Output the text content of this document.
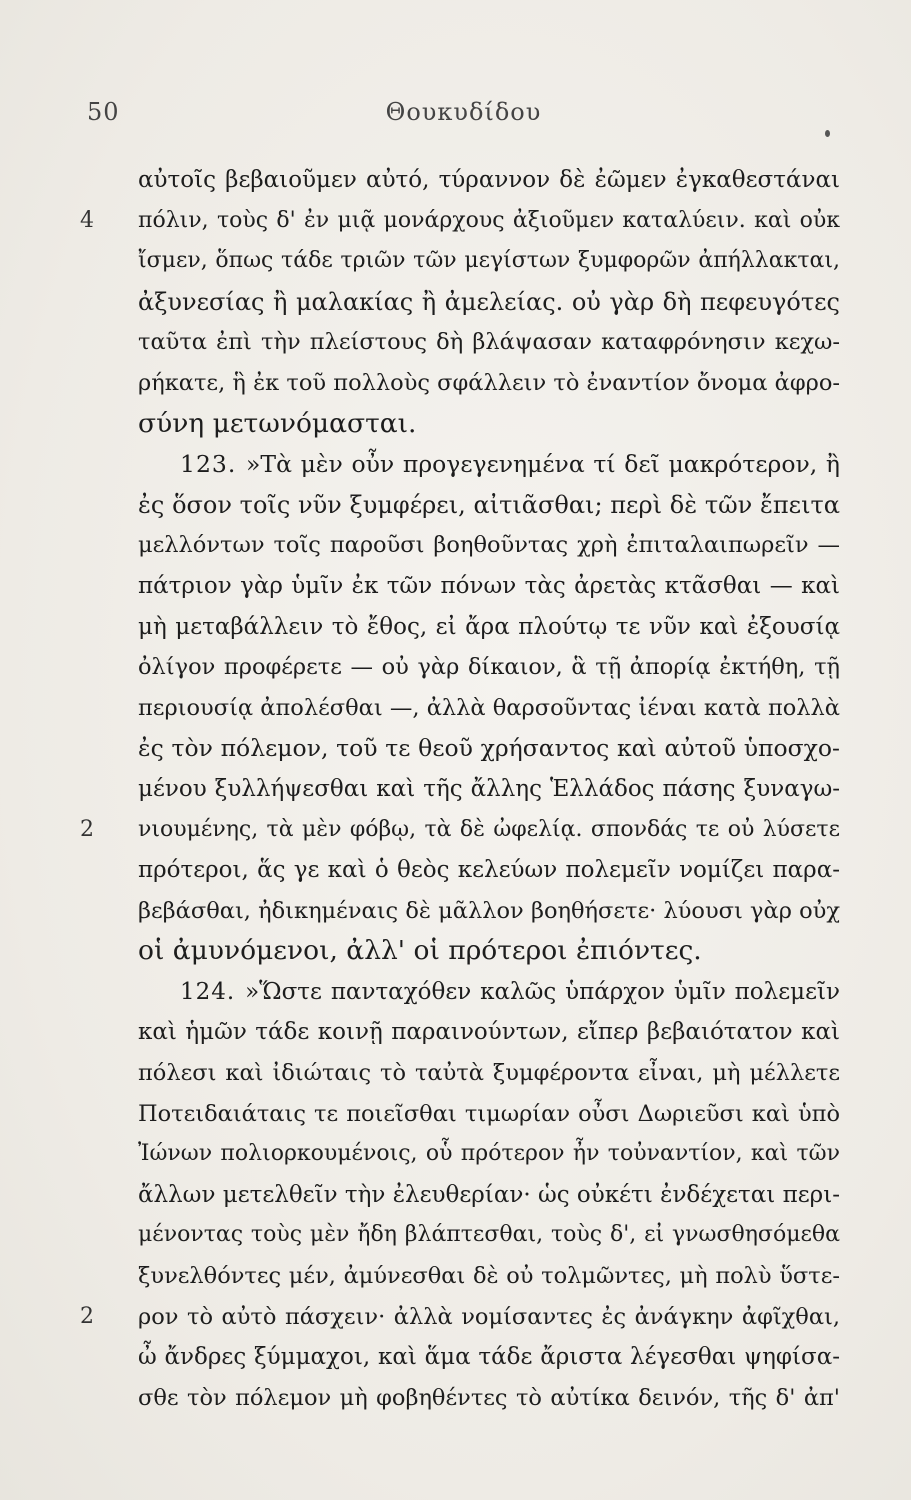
50	Θουκυδίδου
αὐτοῖς βεβαιοῦμεν αὐτό, τύραννον δὲ ἐῶμεν ἐγκαθεστάναι
4 πόλιν, τοὺς δ' ἐν μιᾷ μονάρχους ἀξιοῦμεν καταλύειν. καὶ οὐκ
ἴσμεν, ὅπως τάδε τριῶν τῶν μεγίστων ξυμφορῶν ἀπήλλακται,
ἀξυνεσίας ἢ μαλακίας ἢ ἀμελείας. οὐ γὰρ δὴ πεφευγότες
ταῦτα ἐπὶ τὴν πλείστους δὴ βλάψασαν καταφρόνησιν κεχω-
ρήκατε, ἣ ἐκ τοῦ πολλοὺς σφάλλειν τὸ ἐναντίον ὄνομα ἀφρο-
σύνη μετωνόμασται.
123. »Τὰ μὲν οὖν προγεγενημένα τί δεῖ μακρότερον, ἢ
ἐς ὅσον τοῖς νῦν ξυμφέρει, αἰτιᾶσθαι; περὶ δὲ τῶν ἔπειτα
μελλόντων τοῖς παροῦσι βοηθοῦντας χρὴ ἐπιταλαιπωρεῖν —
πάτριον γὰρ ὑμῖν ἐκ τῶν πόνων τὰς ἀρετὰς κτᾶσθαι — καὶ
μὴ μεταβάλλειν τὸ ἔθος, εἰ ἄρα πλούτῳ τε νῦν καὶ ἐξουσίᾳ
ὀλίγον προφέρετε — οὐ γὰρ δίκαιον, ἃ τῇ ἀπορίᾳ ἐκτήθη, τῇ
περιουσίᾳ ἀπολέσθαι —, ἀλλὰ θαρσοῦντας ἰέναι κατὰ πολλὰ
ἐς τὸν πόλεμον, τοῦ τε θεοῦ χρήσαντος καὶ αὐτοῦ ὑποσχο-
μένου ξυλλήψεσθαι καὶ τῆς ἄλλης Ἑλλάδος πάσης ξυναγω-
2 νιουμένης, τὰ μὲν φόβῳ, τὰ δὲ ὠφελίᾳ. σπονδάς τε οὐ λύσετε
πρότεροι, ἅς γε καὶ ὁ θεὸς κελεύων πολεμεῖν νομίζει παρα-
βεβάσθαι, ἠδικημέναις δὲ μᾶλλον βοηθήσετε· λύουσι γὰρ οὐχ
οἱ ἀμυνόμενοι, ἀλλ' οἱ πρότεροι ἐπιόντες.
124. »Ὥστε πανταχόθεν καλῶς ὑπάρχον ὑμῖν πολεμεῖν
καὶ ἡμῶν τάδε κοινῇ παραινούντων, εἴπερ βεβαιότατον καὶ
πόλεσι καὶ ἰδιώταις τὸ ταὐτὰ ξυμφέροντα εἶναι, μὴ μέλλετε
Ποτειδαιάταις τε ποιεῖσθαι τιμωρίαν οὖσι Δωριεῦσι καὶ ὑπὸ
Ἰώνων πολιορκουμένοις, οὗ πρότερον ἦν τοὐναντίον, καὶ τῶν
ἄλλων μετελθεῖν τὴν ἐλευθερίαν· ὡς οὐκέτι ἐνδέχεται περι-
μένοντας τοὺς μὲν ἤδη βλάπτεσθαι, τοὺς δ', εἰ γνωσθησόμεθα
ξυνελθόντες μέν, ἀμύνεσθαι δὲ οὐ τολμῶντες, μὴ πολὺ ὕστε-
2 ρον τὸ αὐτὸ πάσχειν· ἀλλὰ νομίσαντες ἐς ἀνάγκην ἀφῖχθαι,
ὦ ἄνδρες ξύμμαχοι, καὶ ἅμα τάδε ἄριστα λέγεσθαι ψηφίσα-
σθε τὸν πόλεμον μὴ φοβηθέντες τὸ αὐτίκα δεινόν, τῆς δ' ἀπ'
